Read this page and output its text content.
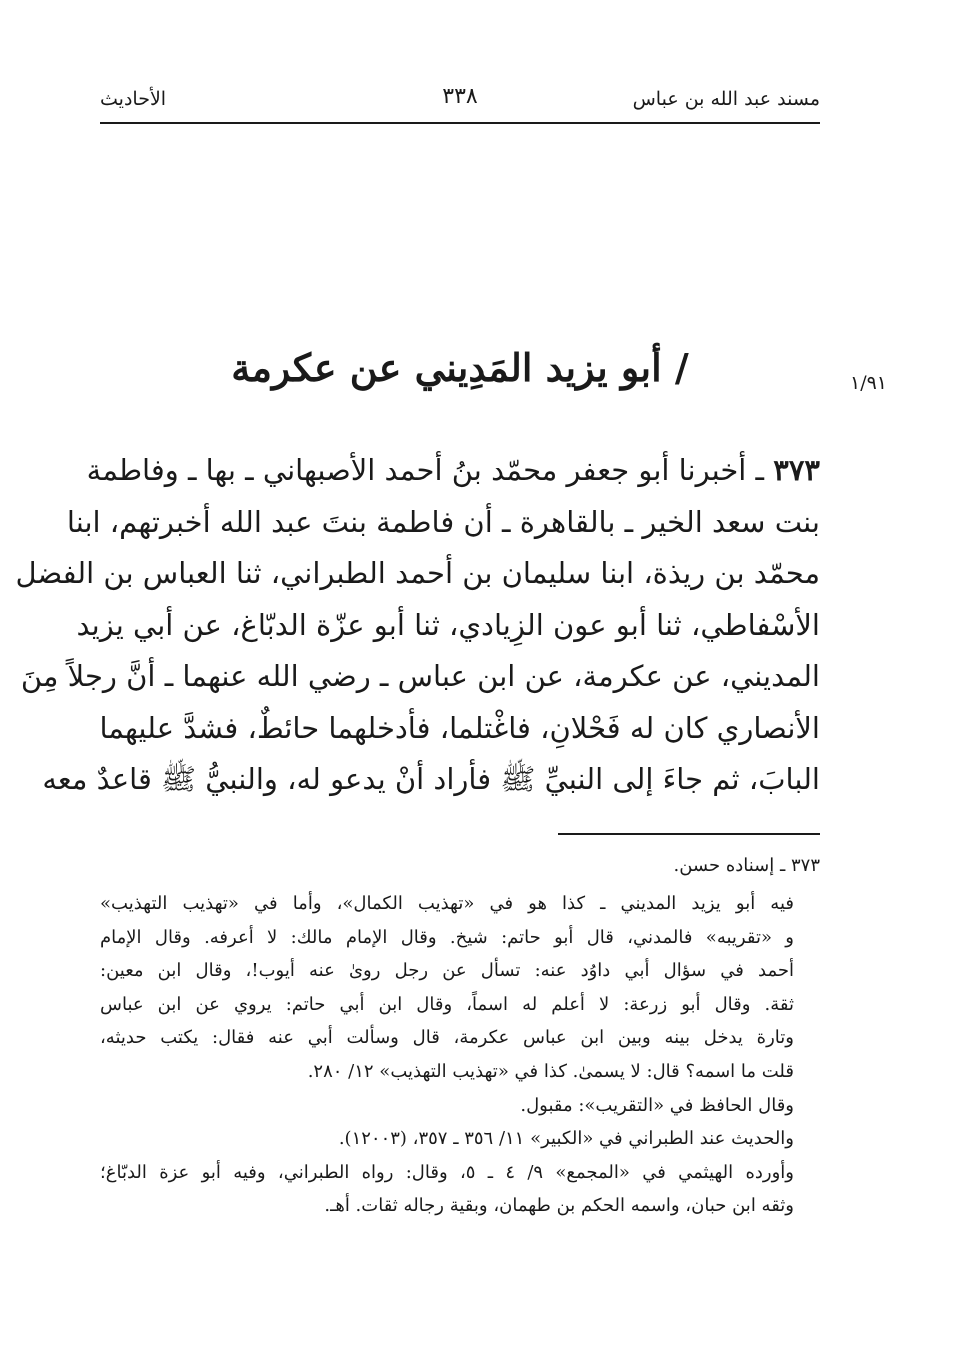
مسند عبد الله بن عباس
٣٣٨
الأحاديث
١/٩١
/ أبو يزيد المَدِيني عن عكرمة
٣٧٣ ـ أخبرنا أبو جعفر محمّد بنُ أحمد الأصبهاني ـ بها ـ وفاطمة
بنت سعد الخير ـ بالقاهرة ـ أن فاطمة بنتَ عبد الله أخبرتهم، ابنا
محمّد بن ريذة، ابنا سليمان بن أحمد الطبراني، ثنا العباس بن الفضل
الأسْفاطي، ثنا أبو عون الزِيادي، ثنا أبو عزّة الدبّاغ، عن أبي يزيد
المديني، عن عكرمة، عن ابن عباس ـ رضي الله عنهما ـ أنَّ رجلاً مِنَ
الأنصاري كان له فَحْلانِ، فاغْتلما، فأدخلهما حائطٌ، فشدَّ عليهما
البابَ، ثم جاءَ إلى النبيِّ ﷺ فأراد أنْ يدعو له، والنبيُّ ﷺ قاعدٌ معه
٣٧٣ ـ إسناده حسن.
فيه أبو يزيد المديني ـ كذا هو في «تهذيب الكمال»، وأما في «تهذيب التهذيب»
و «تقريبه» فالمدني، قال أبو حاتم: شيخ. وقال الإمام مالك: لا أعرفه. وقال الإمام
أحمد في سؤال أبي داوُد عنه: تسأل عن رجل روىٰ عنه أيوب!، وقال ابن معين:
ثقة. وقال أبو زرعة: لا أعلم له اسماً، وقال ابن أبي حاتم: يروي عن ابن عباس
وتارة يدخل بينه وبين ابن عباس عكرمة، قال وسألت أبي عنه فقال: يكتب حديثه،
قلت ما اسمه؟ قال: لا يسمىٰ. كذا في «تهذيب التهذيب» ١٢/ ٢٨٠.
وقال الحافظ في «التقريب»: مقبول.
والحديث عند الطبراني في «الكبير» ١١/ ٣٥٦ ـ ٣٥٧، (١٢٠٠٣).
وأورده الهيثمي في «المجمع» ٩/ ٤ ـ ٥، وقال: رواه الطبراني، وفيه أبو عزة الدبّاغ؛
وثقه ابن حبان، واسمه الحكم بن طهمان، وبقية رجاله ثقات. أهـ.
